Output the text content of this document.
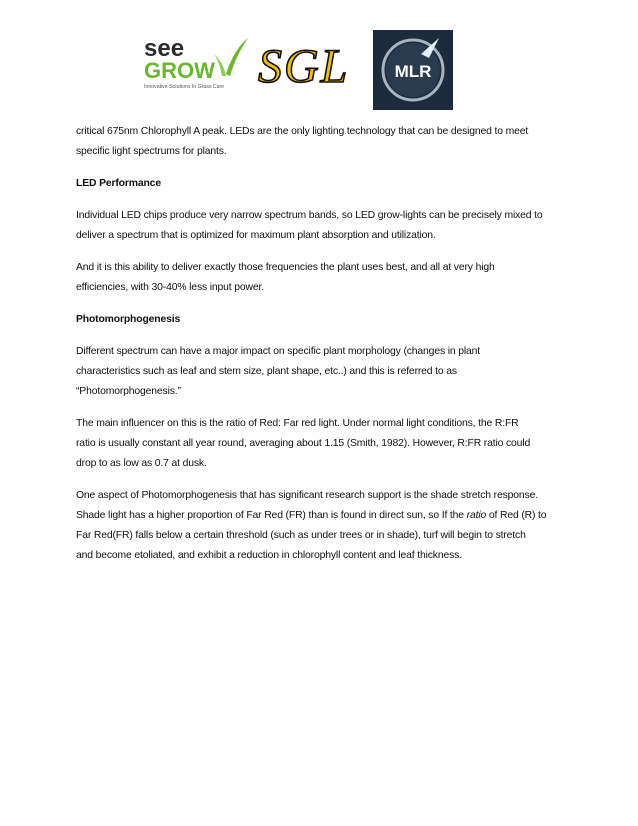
see
GROW
Innovative Solutions In Grass Care SGL	MLR

critical 675nm Chlorophyll A peak. LEDs are the only lighting technology that can be designed to meet
specific light spectrums for plants.

LED Performance

Individual LED chips produce very narrow spectrum bands, so LED grow-lights can be precisely mixed to
deliver a spectrum that is optimized for maximum plant absorption and utilization.

And it is this ability to deliver exactly those frequencies the plant uses best, and all at very high
efficiencies, with 30-40% less input power.

Photomorphogenesis

Different spectrum can have a major impact on specific plant morphology (changes in plant
characteristics such as leaf and stem size, plant shape, etc..) and this is referred to as
“Photomorphogenesis.”

The main influencer on this is the ratio of Red: Far red light. Under normal light conditions, the R:FR
ratio is usually constant all year round, averaging about 1.15 (Smith, 1982). However, R:FR ratio could
drop to as low as 0.7 at dusk.

One aspect of Photomorphogenesis that has significant research support is the shade stretch response.
Shade light has a higher proportion of Far Red (FR) than is found in direct sun, so If the ratio of Red (R) to
Far Red(FR) falls below a certain threshold (such as under trees or in shade), turf will begin to stretch
and become etoliated, and exhibit a reduction in chlorophyll content and leaf thickness.
